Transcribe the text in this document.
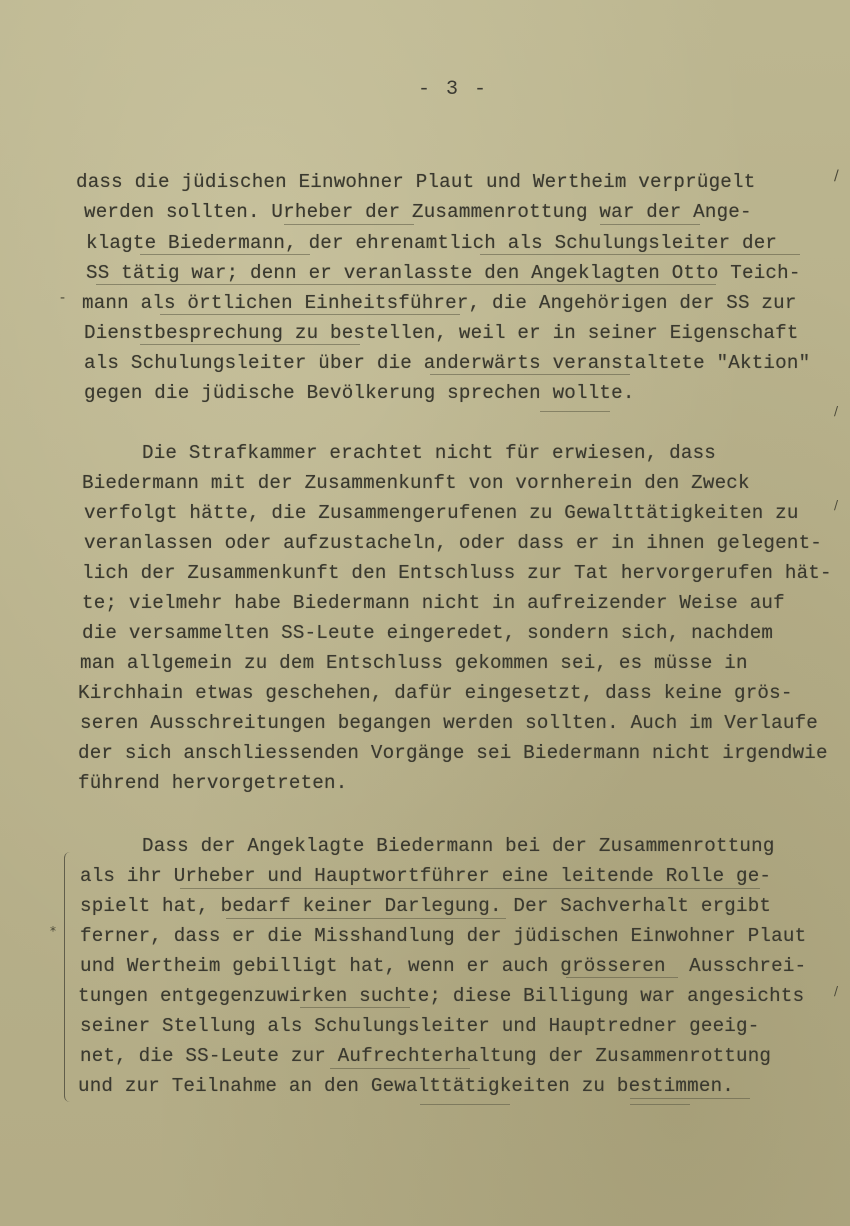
- 3 -
dass die jüdischen Einwohner Plaut und Wertheim verprügelt
werden sollten. Urheber der Zusammenrottung war der Ange-
klagte Biedermann, der ehrenamtlich als Schulungsleiter der
SS tätig war; denn er veranlasste den Angeklagten Otto Teich-
mann als örtlichen Einheitsführer, die Angehörigen der SS zur
Dienstbesprechung zu bestellen, weil er in seiner Eigenschaft
als Schulungsleiter über die anderwärts veranstaltete "Aktion"
gegen die jüdische Bevölkerung sprechen wollte.
Die Strafkammer erachtet nicht für erwiesen, dass
Biedermann mit der Zusammenkunft von vornherein den Zweck
verfolgt hätte, die Zusammengerufenen zu Gewalttätigkeiten zu
veranlassen oder aufzustacheln, oder dass er in ihnen gelegent-
lich der Zusammenkunft den Entschluss zur Tat hervorgerufen hät-
te; vielmehr habe Biedermann nicht in aufreizender Weise auf
die versammelten SS-Leute eingeredet, sondern sich, nachdem
man allgemein zu dem Entschluss gekommen sei, es müsse in
Kirchhain etwas geschehen, dafür eingesetzt, dass keine grös-
seren Ausschreitungen begangen werden sollten. Auch im Verlaufe
der sich anschliessenden Vorgänge sei Biedermann nicht irgendwie
führend hervorgetreten.
Dass der Angeklagte Biedermann bei der Zusammenrottung
als ihr Urheber und Hauptwortführer eine leitende Rolle ge-
spielt hat, bedarf keiner Darlegung. Der Sachverhalt ergibt
ferner, dass er die Misshandlung der jüdischen Einwohner Plaut
und Wertheim gebilligt hat, wenn er auch grösseren  Ausschrei-
tungen entgegenzuwirken suchte; diese Billigung war angesichts
seiner Stellung als Schulungsleiter und Hauptredner geeig-
net, die SS-Leute zur Aufrechterhaltung der Zusammenrottung
und zur Teilnahme an den Gewalttätigkeiten zu bestimmen.
-
*
/
/
/
/
